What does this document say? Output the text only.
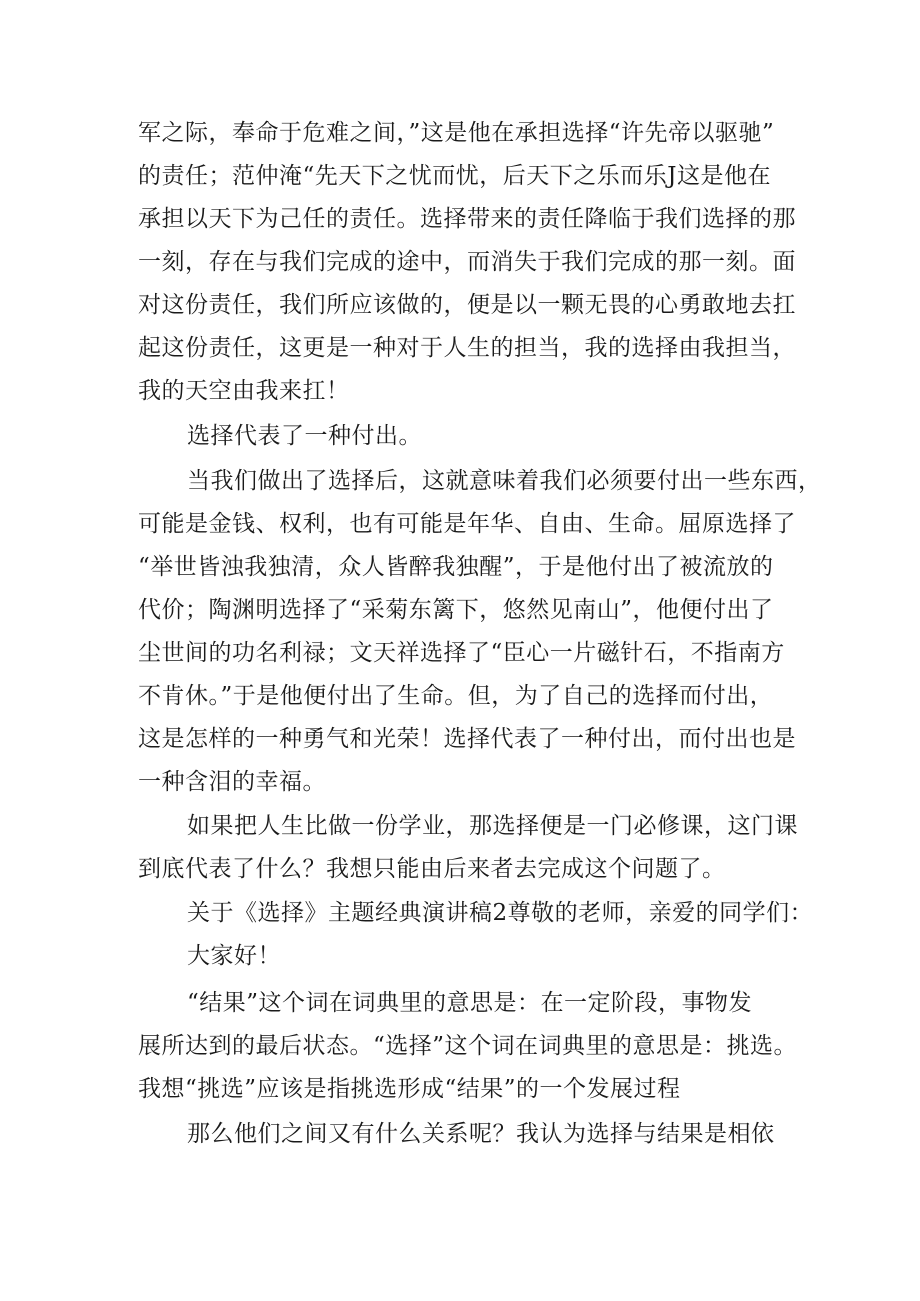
军之际，奉命于危难之间，”这是他在承担选择“许先帝以驱驰”
的责任；范仲淹“先天下之忧而忧，后天下之乐而乐J这是他在
承担以天下为己任的责任。选择带来的责任降临于我们选择的那
一刻，存在与我们完成的途中，而消失于我们完成的那一刻。面
对这份责任，我们所应该做的，便是以一颗无畏的心勇敢地去扛
起这份责任，这更是一种对于人生的担当，我的选择由我担当，
我的天空由我来扛！
选择代表了一种付出。
当我们做出了选择后，这就意味着我们必须要付出一些东西，
可能是金钱、权利，也有可能是年华、自由、生命。屈原选择了
“举世皆浊我独清，众人皆醉我独醒”，于是他付出了被流放的
代价；陶渊明选择了“采菊东篱下，悠然见南山”，他便付出了
尘世间的功名利禄；文天祥选择了“臣心一片磁针石，不指南方
不肯休。”于是他便付出了生命。但，为了自己的选择而付出，
这是怎样的一种勇气和光荣！选择代表了一种付出，而付出也是
一种含泪的幸福。
如果把人生比做一份学业，那选择便是一门必修课，这门课
到底代表了什么？我想只能由后来者去完成这个问题了。
关于《选择》主题经典演讲稿2尊敬的老师，亲爱的同学们：
大家好！
“结果”这个词在词典里的意思是：在一定阶段，事物发
展所达到的最后状态。“选择”这个词在词典里的意思是：挑选。
我想“挑选”应该是指挑选形成“结果”的一个发展过程
那么他们之间又有什么关系呢？我认为选择与结果是相依
